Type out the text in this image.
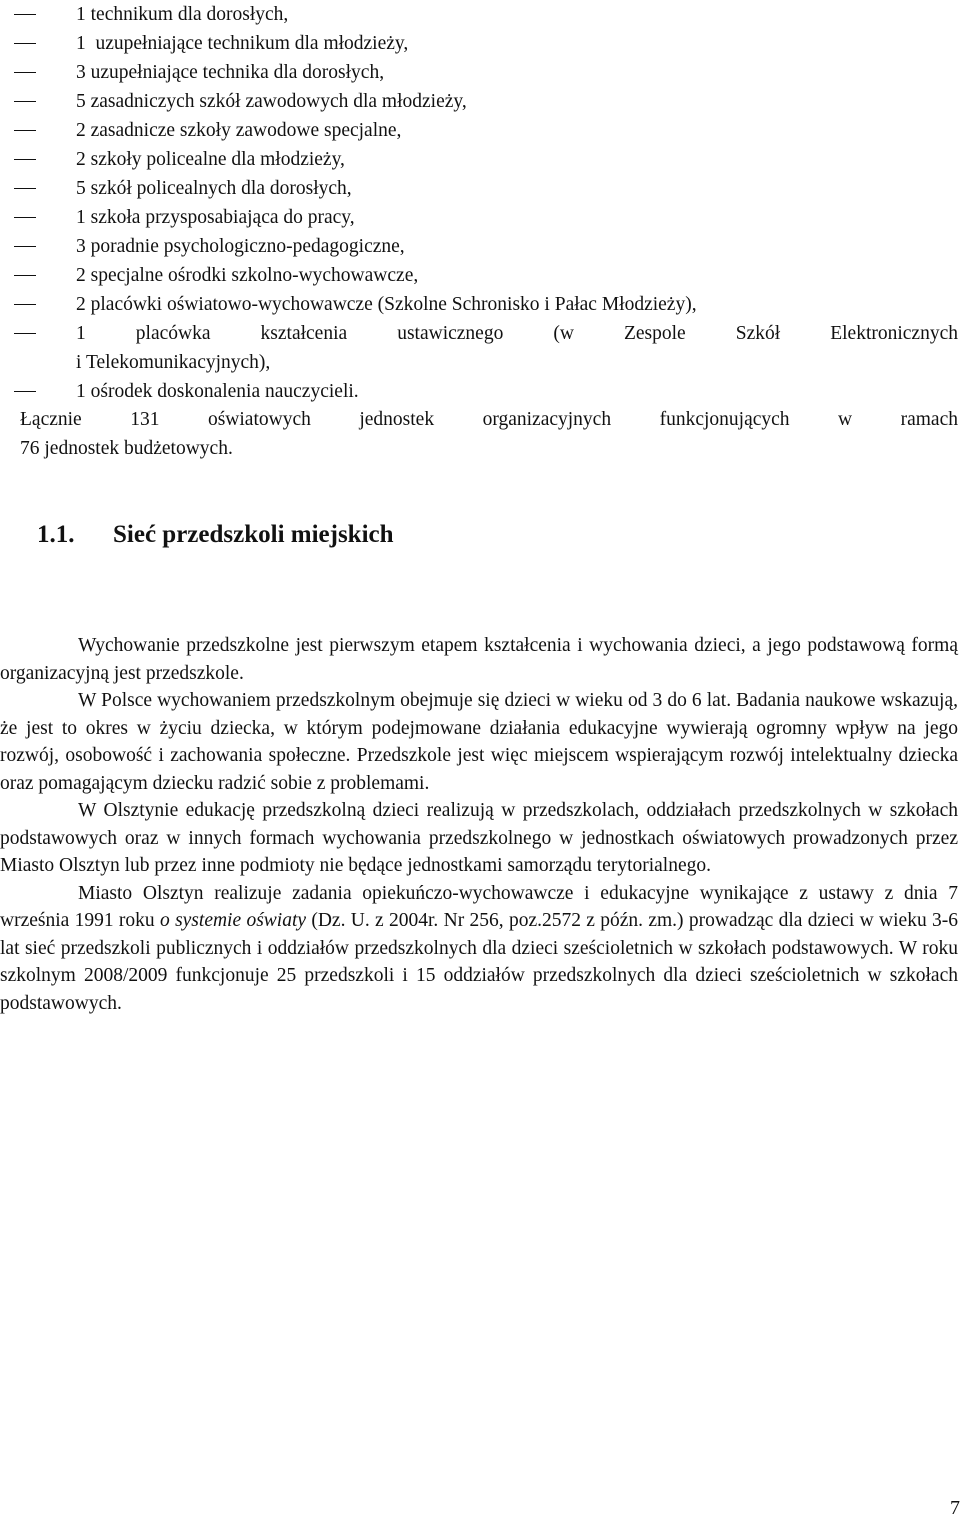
1 technikum dla dorosłych,
1  uzupełniające technikum dla młodzieży,
3 uzupełniające technika dla dorosłych,
5 zasadniczych szkół zawodowych dla młodzieży,
2 zasadnicze szkoły zawodowe specjalne,
2 szkoły policealne dla młodzieży,
5 szkół policealnych dla dorosłych,
1 szkoła przysposabiająca do pracy,
3 poradnie psychologiczno-pedagogiczne,
2 specjalne ośrodki szkolno-wychowawcze,
2 placówki oświatowo-wychowawcze (Szkolne Schronisko i Pałac Młodzieży),
1 placówka kształcenia ustawicznego (w Zespole Szkół Elektronicznych
i Telekomunikacyjnych),
1 ośrodek doskonalenia nauczycieli.
Łącznie 131 oświatowych jednostek organizacyjnych funkcjonujących w ramach
76 jednostek budżetowych.
1.1. Sieć przedszkoli miejskich

Wychowanie przedszkolne jest pierwszym etapem kształcenia i wychowania dzieci, a jego podstawową formą organizacyjną jest przedszkole.

W Polsce wychowaniem przedszkolnym obejmuje się dzieci w wieku od 3 do 6 lat. Badania naukowe wskazują, że jest to okres w życiu dziecka, w którym podejmowane działania edukacyjne wywierają ogromny wpływ na jego rozwój, osobowość i zachowania społeczne. Przedszkole jest więc miejscem wspierającym rozwój intelektualny dziecka oraz pomagającym dziecku radzić sobie z problemami.

W Olsztynie edukację przedszkolną dzieci realizują w przedszkolach, oddziałach przedszkolnych w szkołach podstawowych oraz w innych formach wychowania przedszkolnego w jednostkach oświatowych prowadzonych przez Miasto Olsztyn lub przez inne podmioty nie będące jednostkami samorządu terytorialnego.

Miasto Olsztyn realizuje zadania opiekuńczo-wychowawcze i edukacyjne wynikające z ustawy z dnia 7 września 1991 roku o systemie oświaty (Dz. U. z 2004r. Nr 256, poz.2572 z późn. zm.) prowadząc dla dzieci w wieku 3-6 lat sieć przedszkoli publicznych i oddziałów przedszkolnych dla dzieci sześcioletnich w szkołach podstawowych. W roku szkolnym 2008/2009 funkcjonuje 25 przedszkoli i 15 oddziałów przedszkolnych dla dzieci sześcioletnich w szkołach podstawowych.

7
